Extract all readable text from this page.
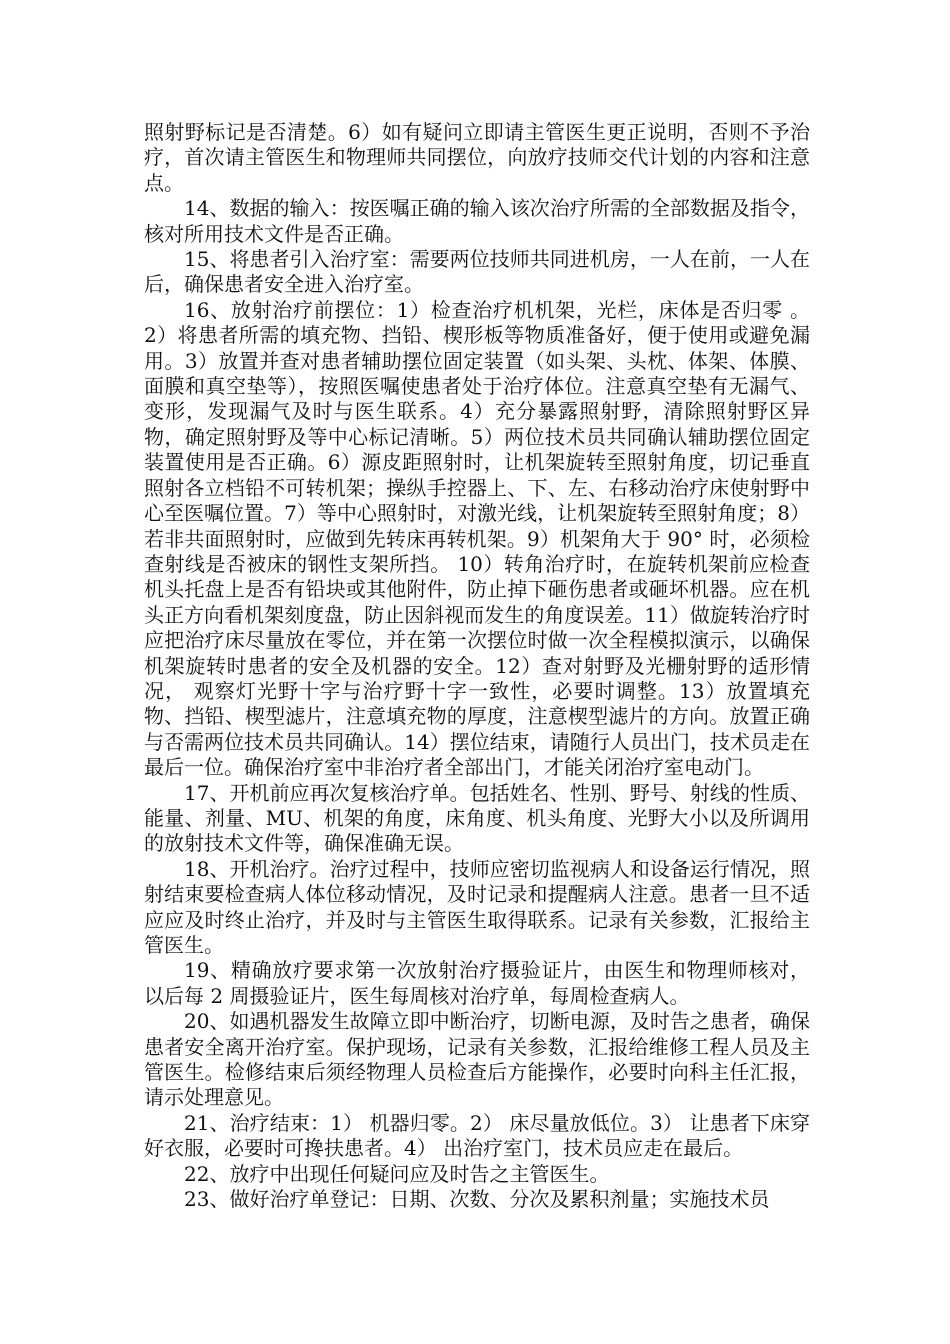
照射野标记是否清楚。6）如有疑问立即请主管医生更正说明，否则不予治疗，首次请主管医生和物理师共同摆位，向放疗技师交代计划的内容和注意点。

14、数据的输入：按医嘱正确的输入该次治疗所需的全部数据及指令， 核对所用技术文件是否正确。

15、将患者引入治疗室：需要两位技师共同进机房，一人在前，一人在后，确保患者安全进入治疗室。

16、放射治疗前摆位：1）检查治疗机机架，光栏，床体是否归零 。2）将患者所需的填充物、挡铅、楔形板等物质准备好，便于使用或避免漏用。3）放置并查对患者辅助摆位固定装置（如头架、头枕、体架、体膜、面膜和真空垫等），按照医嘱使患者处于治疗体位。注意真空垫有无漏气、变形，发现漏气及时与医生联系。4）充分暴露照射野，清除照射野区异物，确定照射野及等中心标记清晰。5）两位技术员共同确认辅助摆位固定装置使用是否正确。6）源皮距照射时，让机架旋转至照射角度，切记垂直照射各立档铅不可转机架；操纵手控器上、下、左、右移动治疗床使射野中心至医嘱位置。7）等中心照射时，对激光线，让机架旋转至照射角度；8）若非共面照射时，应做到先转床再转机架。9）机架角大于 90° 时，必须检查射线是否被床的钢性支架所挡。 10）转角治疗时，在旋转机架前应检查机头托盘上是否有铅块或其他附件，防止掉下砸伤患者或砸坏机器。应在机头正方向看机架刻度盘，防止因斜视而发生的角度误差。11）做旋转治疗时应把治疗床尽量放在零位，并在第一次摆位时做一次全程模拟演示，以确保机架旋转时患者的安全及机器的安全。12）查对射野及光栅射野的适形情况， 观察灯光野十字与治疗野十字一致性，必要时调整。13）放置填充物、挡铅、楔型滤片，注意填充物的厚度，注意楔型滤片的方向。放置正确与否需两位技术员共同确认。14）摆位结束，请随行人员出门，技术员走在最后一位。确保治疗室中非治疗者全部出门，才能关闭治疗室电动门。

17、开机前应再次复核治疗单。包括姓名、性别、野号、射线的性质、能量、剂量、MU、机架的角度，床角度、机头角度、光野大小以及所调用的放射技术文件等，确保准确无误。

18、开机治疗。治疗过程中，技师应密切监视病人和设备运行情况，照射结束要检查病人体位移动情况，及时记录和提醒病人注意。患者一旦不适应应及时终止治疗，并及时与主管医生取得联系。记录有关参数，汇报给主管医生。

19、精确放疗要求第一次放射治疗摄验证片，由医生和物理师核对， 以后每 2 周摄验证片，医生每周核对治疗单，每周检查病人。

20、如遇机器发生故障立即中断治疗，切断电源，及时告之患者，确保患者安全离开治疗室。保护现场，记录有关参数，汇报给维修工程人员及主管医生。检修结束后须经物理人员检查后方能操作，必要时向科主任汇报，请示处理意见。

21、治疗结束：1） 机器归零。2） 床尽量放低位。3） 让患者下床穿好衣服，必要时可搀扶患者。4） 出治疗室门，技术员应走在最后。

22、放疗中出现任何疑问应及时告之主管医生。

23、做好治疗单登记：日期、次数、分次及累积剂量；实施技术员
